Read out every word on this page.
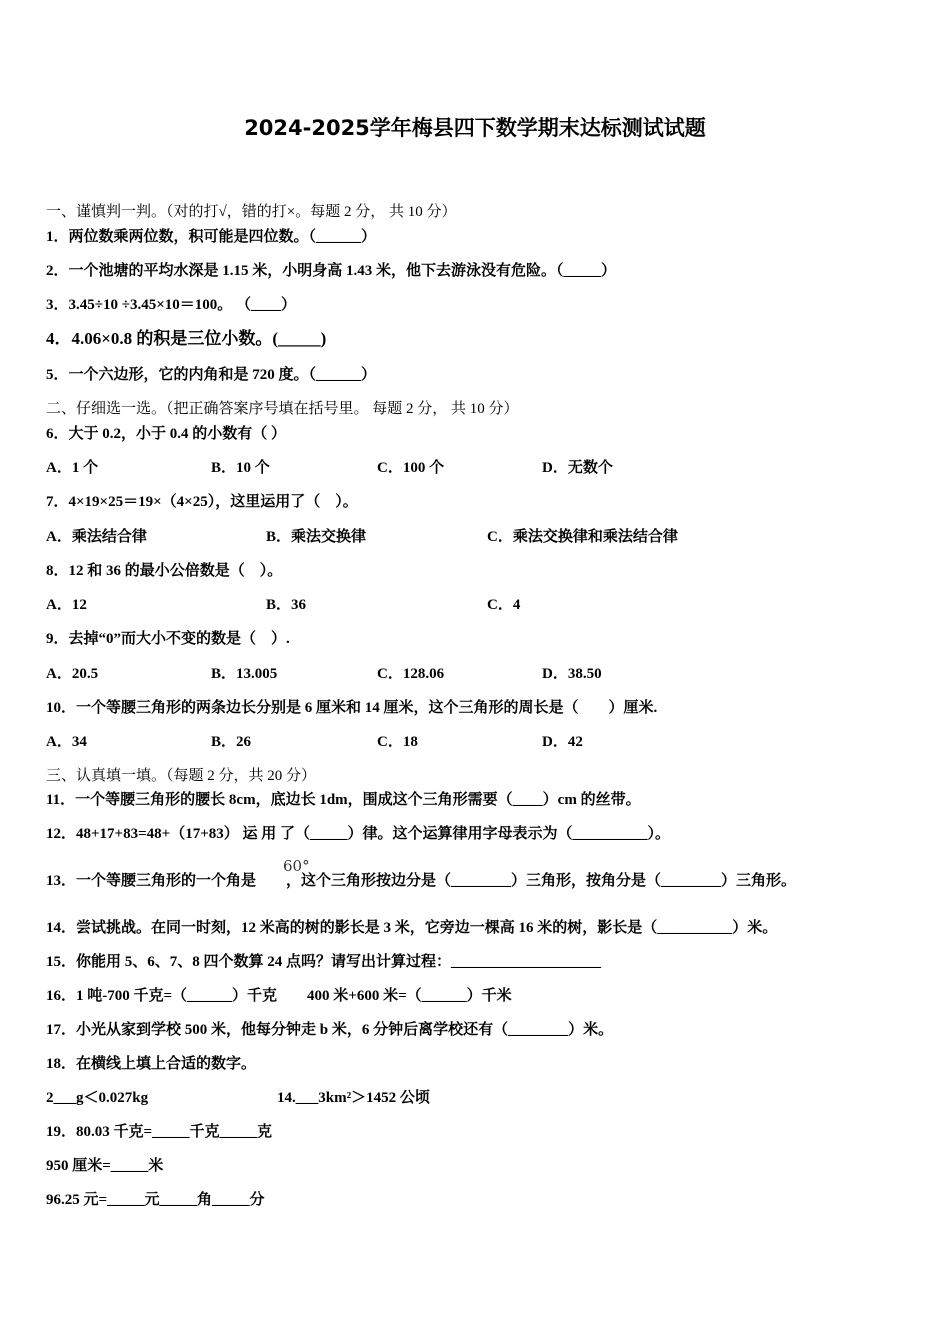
2024-2025学年梅县四下数学期末达标测试试题
一、谨慎判一判。（对的打√，错的打×。每题 2 分， 共 10 分）
1．两位数乘两位数，积可能是四位数。（______）
2．一个池塘的平均水深是 1.15 米，小明身高 1.43 米，他下去游泳没有危险。（_____）
3．3.45÷10 ÷3.45×10＝100。 （____）
4．4.06×0.8 的积是三位小数。(_____)
5．一个六边形，它的内角和是 720 度。（______）
二、仔细选一选。（把正确答案序号填在括号里。 每题 2 分， 共 10 分）
6．大于 0.2，小于 0.4 的小数有（ ）
A．1 个	B．10 个	C．100 个	D．无数个
7．4×19×25＝19×（4×25），这里运用了（　）。
A．乘法结合律	B．乘法交换律	C．乘法交换律和乘法结合律
8．12 和 36 的最小公倍数是（　）。
A．12	B．36	C．4
9．去掉“0”而大小不变的数是（　）.
A．20.5	B．13.005	C．128.06	D．38.50
10．一个等腰三角形的两条边长分别是 6 厘米和 14 厘米，这个三角形的周长是（　　）厘米.
A．34	B．26	C．18	D．42
三、认真填一填。（每题 2 分，共 20 分）
11．一个等腰三角形的腰长 8cm，底边长 1dm，围成这个三角形需要（____）cm 的丝带。
12．48+17+83=48+（17+83） 运 用 了（_____）律。这个运算律用字母表示为（__________）。
13．一个等腰三角形的一个角是　　，这个三角形按边分是（________）三角形，按角分是（________）三角形。
60°
14．尝试挑战。在同一时刻，12 米高的树的影长是 3 米，它旁边一棵高 16 米的树，影长是（__________）米。
15．你能用 5、6、7、8 四个数算 24 点吗？请写出计算过程：____________________
16．1 吨-700 千克=（______）千克　　400 米+600 米=（______）千米
17．小光从家到学校 500 米，他每分钟走 b 米，6 分钟后离学校还有（________）米。
18．在横线上填上合适的数字。
2___g＜0.027kg	14.___3km²＞1452 公顷
19．80.03 千克=_____千克_____克
950 厘米=_____米
96.25 元=_____元_____角_____分
